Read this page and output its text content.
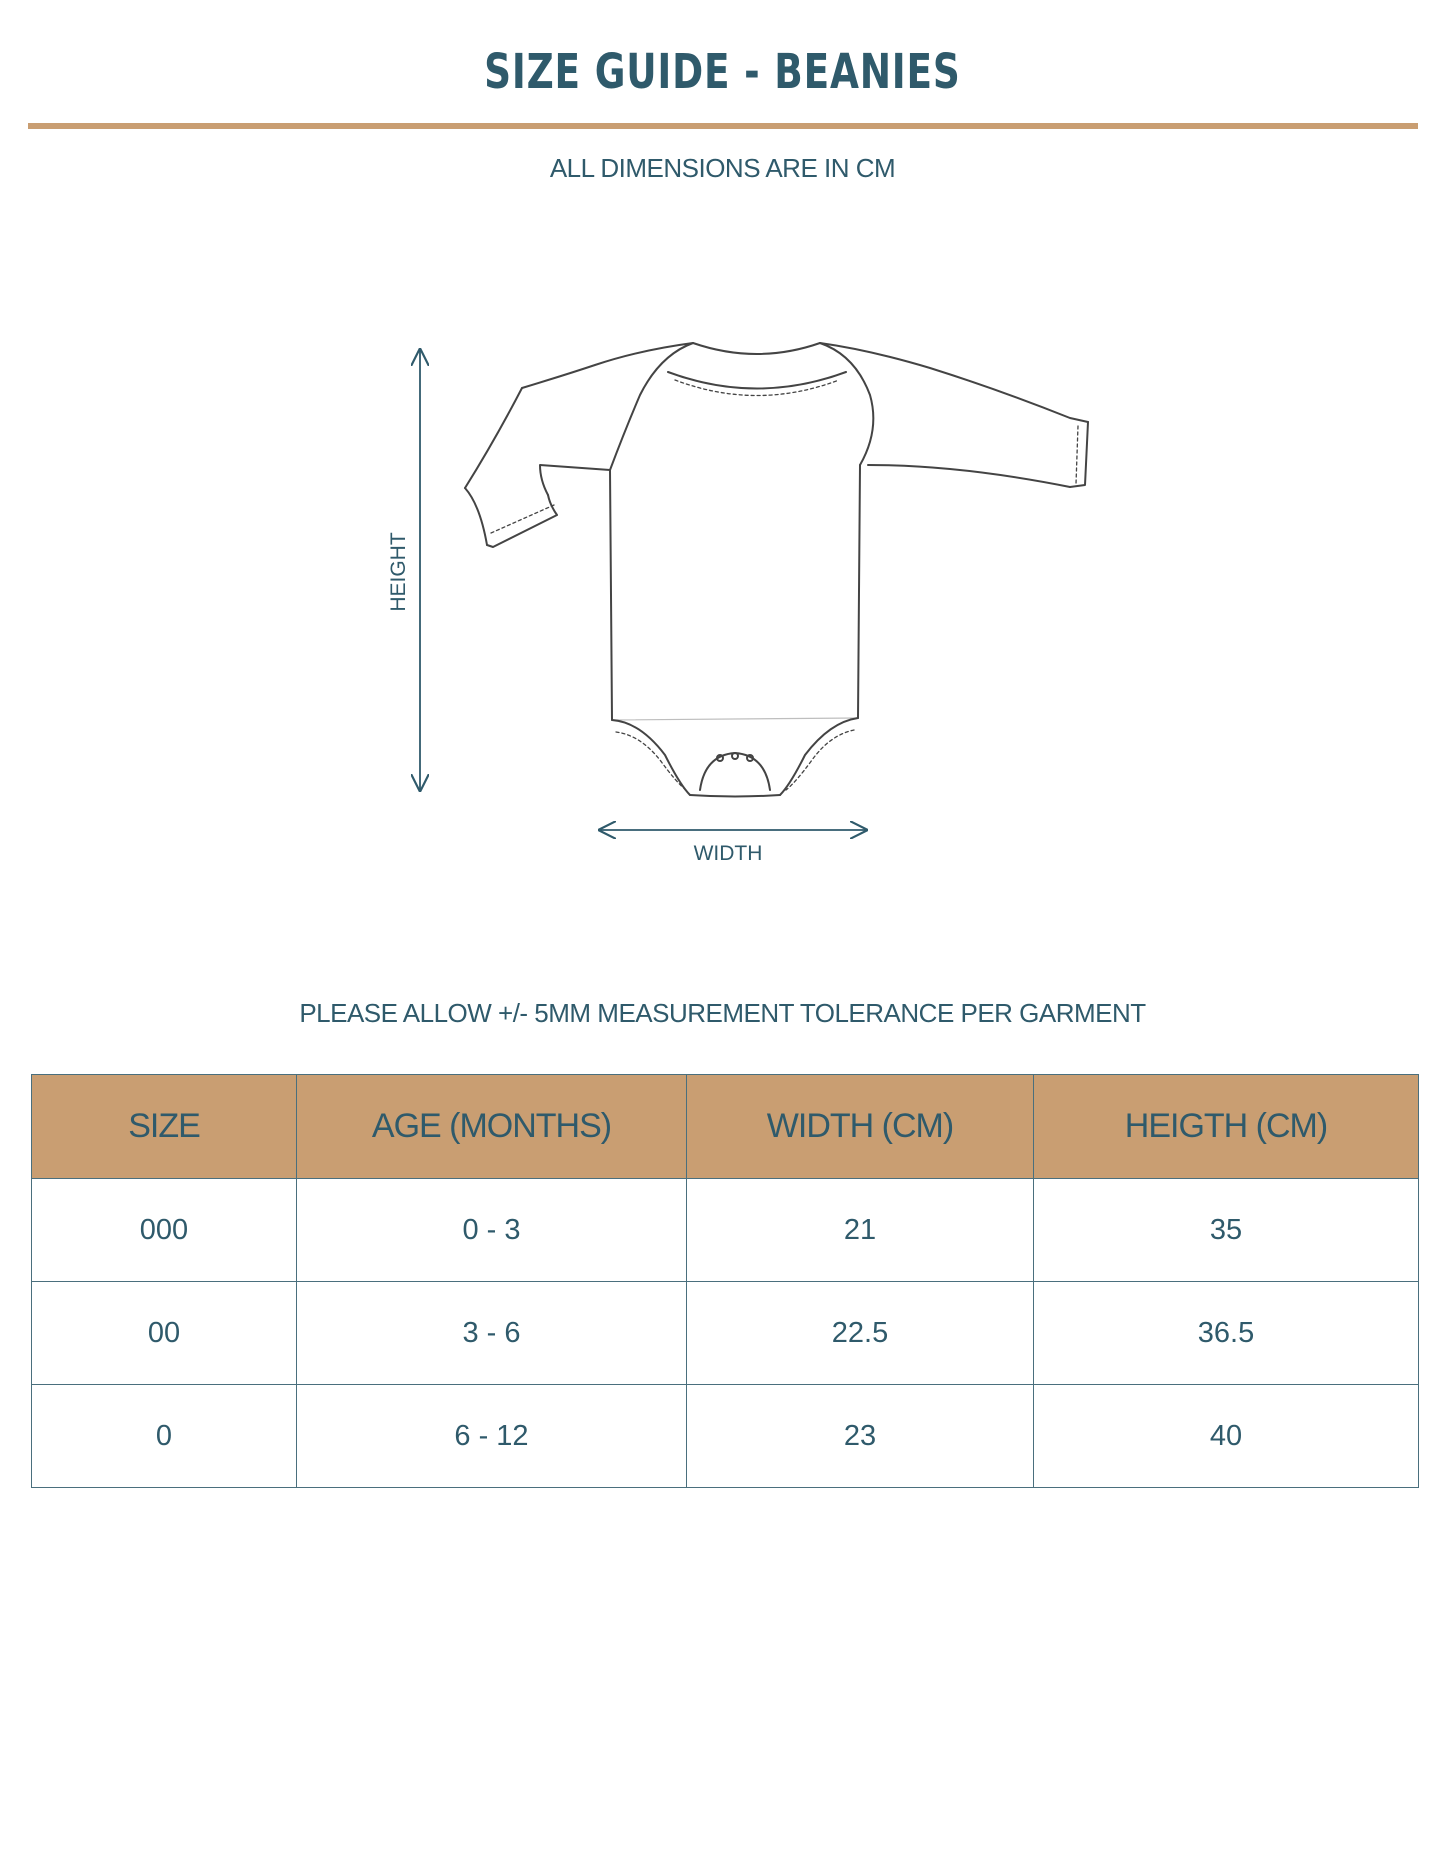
SIZE GUIDE - BEANIES
ALL DIMENSIONS ARE IN CM
HEIGHT
WIDTH
PLEASE ALLOW +/- 5MM MEASUREMENT TOLERANCE PER GARMENT
SIZE	AGE (MONTHS)	WIDTH (CM)	HEIGTH (CM)
000	0 - 3	21	35
00	3 - 6	22.5	36.5
0	6 - 12	23	40
